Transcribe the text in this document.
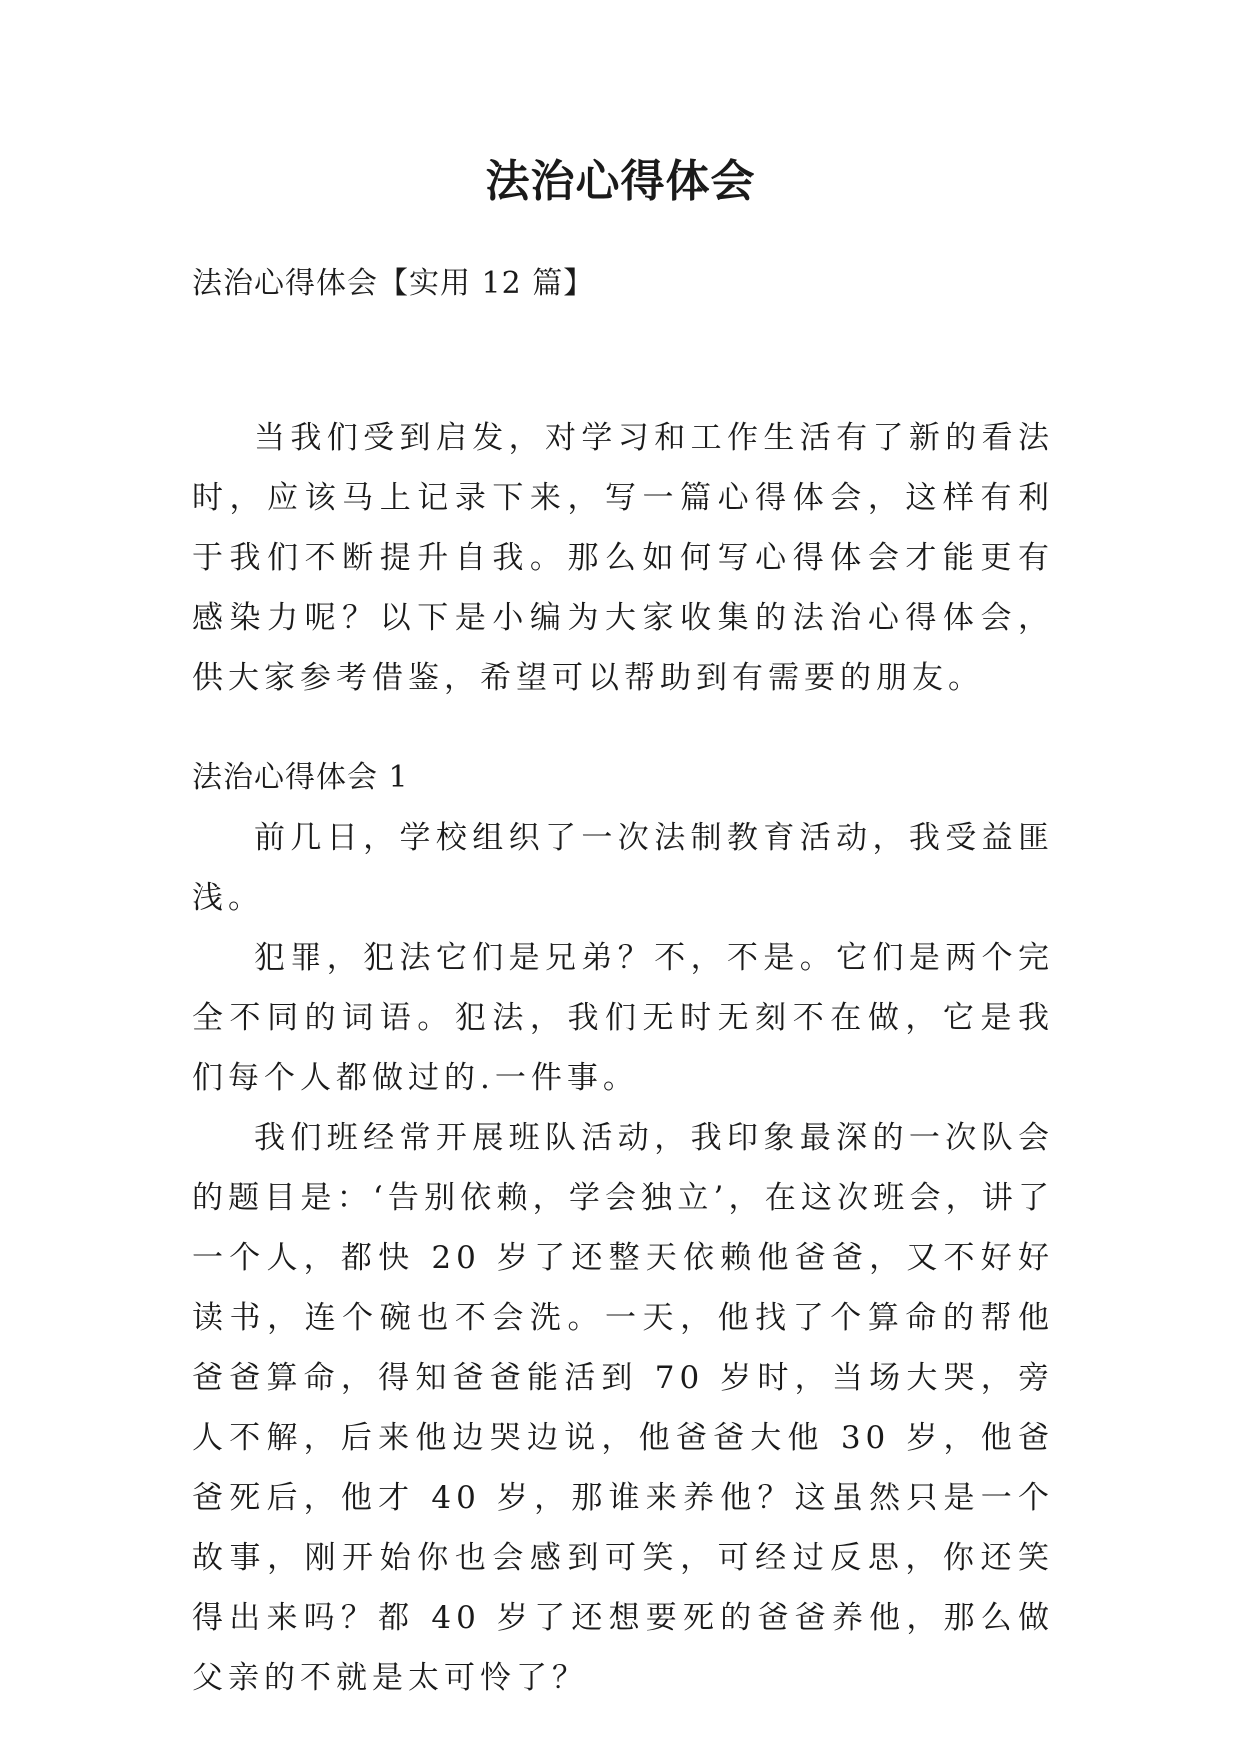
法治心得体会
法治心得体会【实用 12 篇】

当我们受到启发，对学习和工作生活有了新的看法时，应该马上记录下来，写一篇心得体会，这样有利于我们不断提升自我。那么如何写心得体会才能更有感染力呢？以下是小编为大家收集的法治心得体会，供大家参考借鉴，希望可以帮助到有需要的朋友。

法治心得体会 1

前几日，学校组织了一次法制教育活动，我受益匪浅。

犯罪，犯法它们是兄弟？不，不是。它们是两个完全不同的词语。犯法，我们无时无刻不在做，它是我们每个人都做过的.一件事。

我们班经常开展班队活动，我印象最深的一次队会的题目是：‘告别依赖，学会独立’，在这次班会，讲了一个人，都快 20 岁了还整天依赖他爸爸，又不好好读书，连个碗也不会洗。一天，他找了个算命的帮他爸爸算命，得知爸爸能活到 70 岁时，当场大哭，旁人不解，后来他边哭边说，他爸爸大他 30 岁，他爸爸死后，他才 40 岁，那谁来养他？这虽然只是一个故事，刚开始你也会感到可笑，可经过反思，你还笑得出来吗？都 40 岁了还想要死的爸爸养他，那么做父亲的不就是太可怜了？
